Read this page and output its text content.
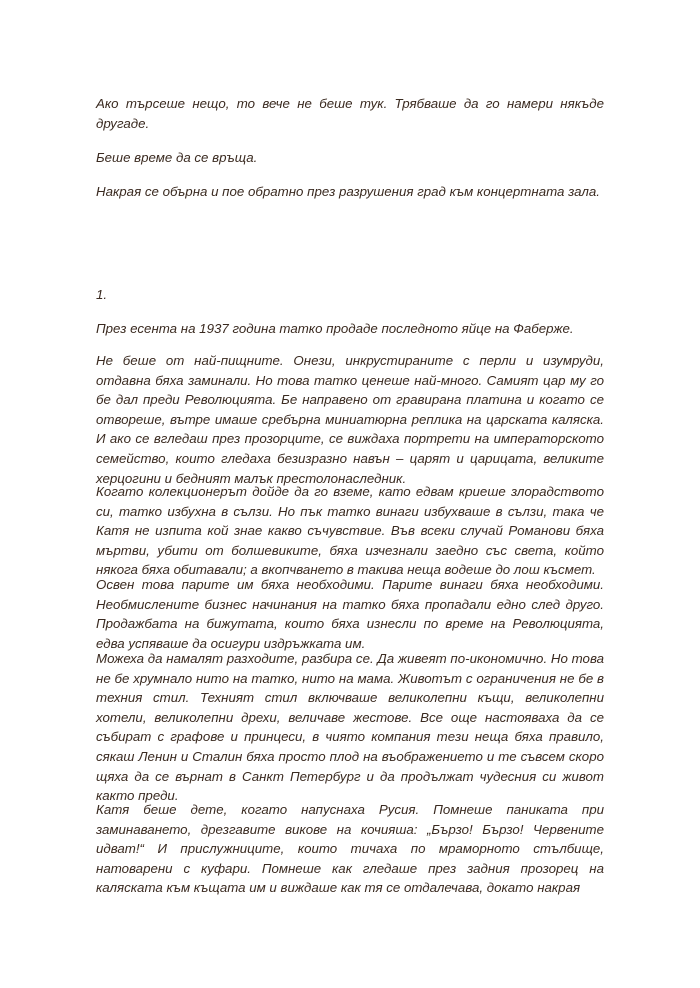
Ако търсеше нещо, то вече не беше тук. Трябваше да го намери някъде другаде.

Беше време да се връща.

Накрая се обърна и пое обратно през разрушения град към концертната зала.

1.

През есента на 1937 година татко продаде последното яйце на Фаберже.

Не беше от най-пищните. Онези, инкрустираните с перли и изумруди, отдавна бяха заминали. Но това татко ценеше най-много. Самият цар му го бе дал преди Революцията. Бе направено от гравирана платина и когато се отвореше, вътре имаше сребърна миниатюрна реплика на царската каляска. И ако се вгледаш през прозорците, се виждаха портрети на императорското семейство, които гледаха безизразно навън – царят и царицата, великите херцогини и бедният малък престолонаследник.

Когато колекционерът дойде да го вземе, като едвам криеше злорадството си, татко избухна в сълзи. Но пък татко винаги избухваше в сълзи, така че Катя не изпита кой знае какво съчувствие. Във всеки случай Романови бяха мъртви, убити от болшевиките, бяха изчезнали заедно със света, който някога бяха обитавали; а вкопчването в такива неща водеше до лош късмет.

Освен това парите им бяха необходими. Парите винаги бяха необходими. Необмислените бизнес начинания на татко бяха пропадали едно след друго. Продажбата на бижутата, които бяха изнесли по време на Революцията, едва успяваше да осигури издръжката им.

Можеха да намалят разходите, разбира се. Да живеят по-икономично. Но това не бе хрумнало нито на татко, нито на мама. Животът с ограничения не бе в техния стил. Техният стил включваше великолепни къщи, великолепни хотели, великолепни дрехи, величаве жестове. Все още настояваха да се събират с графове и принцеси, в чиято компания тези неща бяха правило, сякаш Ленин и Сталин бяха просто плод на въображението и те съвсем скоро щяха да се върнат в Санкт Петербург и да продължат чудесния си живот както преди.

Катя беше дете, когато напуснаха Русия. Помнеше паниката при заминаването, дрезгавите викове на кочияша: „Бързо! Бързо! Червените идват!“ И прислужниците, които тичаха по мраморното стълбище, натоварени с куфари. Помнеше как гледаше през задния прозорец на каляската към къщата им и виждаше как тя се отдалечава, докато накрая
